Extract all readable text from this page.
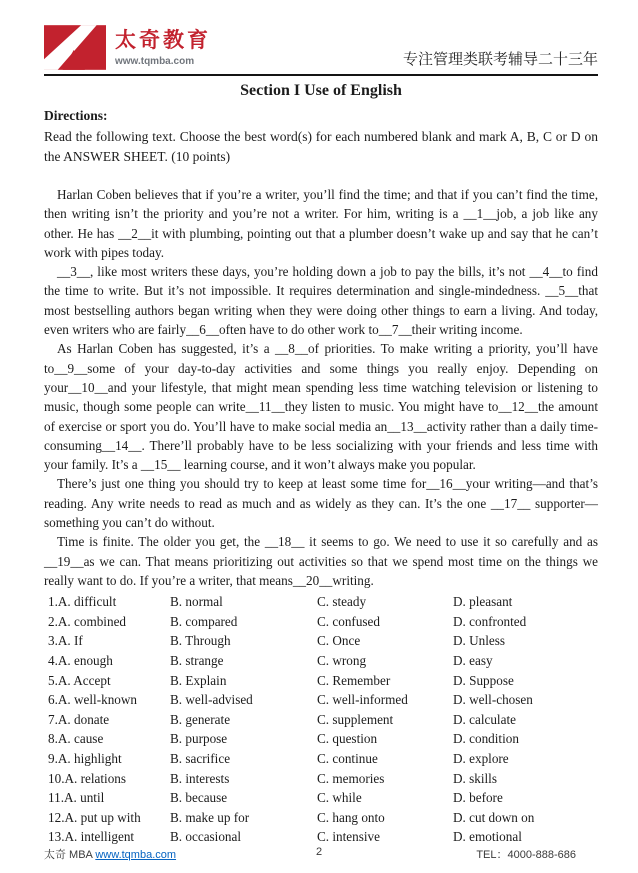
太奇教育
www.tqmba.com	专注管理类联考辅导二十三年
Section I Use of English
Directions:
Read the following text. Choose the best word(s) for each numbered blank and mark A, B, C or D on the ANSWER SHEET. (10 points)

Harlan Coben believes that if you’re a writer, you’ll find the time; and that if you can’t find the time, then writing isn’t the priority and you’re not a writer. For him, writing is a __1__job, a job like any other. He has __2__it with plumbing, pointing out that a plumber doesn’t wake up and say that he can’t work with pipes today.

__3__, like most writers these days, you’re holding down a job to pay the bills, it’s not __4__to find the time to write. But it’s not impossible. It requires determination and single-mindedness. __5__that most bestselling authors began writing when they were doing other things to earn a living. And today, even writers who are fairly__6__often have to do other work to__7__their writing income.

As Harlan Coben has suggested, it’s a __8__of priorities. To make writing a priority, you’ll have to__9__some of your day-to-day activities and some things you really enjoy. Depending on your__10__and your lifestyle, that might mean spending less time watching television or listening to music, though some people can write__11__they listen to music. You might have to__12__the amount of exercise or sport you do. You’ll have to make social media an__13__activity rather than a daily time-consuming__14__. There’ll probably have to be less socializing with your friends and less time with your family. It’s a __15__ learning course, and it won’t always make you popular.

There’s just one thing you should try to keep at least some time for__16__your writing—and that’s reading. Any write needs to read as much and as widely as they can. It’s the one __17__ supporter—something you can’t do without.

Time is finite. The older you get, the __18__ it seems to go. We need to use it so carefully and as __19__as we can. That means prioritizing out activities so that we spend most time on the things we really want to do. If you’re a writer, that means__20__writing.

1.A. difficult	B. normal	C. steady	D. pleasant
2.A. combined	B. compared	C. confused	D. confronted
3.A. If	B. Through	C. Once	D. Unless
4.A. enough	B. strange	C. wrong	D. easy
5.A. Accept	B. Explain	C. Remember	D. Suppose
6.A. well-known	B. well-advised	C. well-informed	D. well-chosen
7.A. donate	B. generate	C. supplement	D. calculate
8.A. cause	B. purpose	C. question	D. condition
9.A. highlight	B. sacrifice	C. continue	D. explore
10.A. relations	B. interests	C. memories	D. skills
11.A. until	B. because	C. while	D. before
12.A. put up with	B. make up for	C. hang onto	D. cut down on
13.A. intelligent	B. occasional	C. intensive	D. emotional
太奇 MBA www.tqmba.com	2	TEL：4000-888-686
